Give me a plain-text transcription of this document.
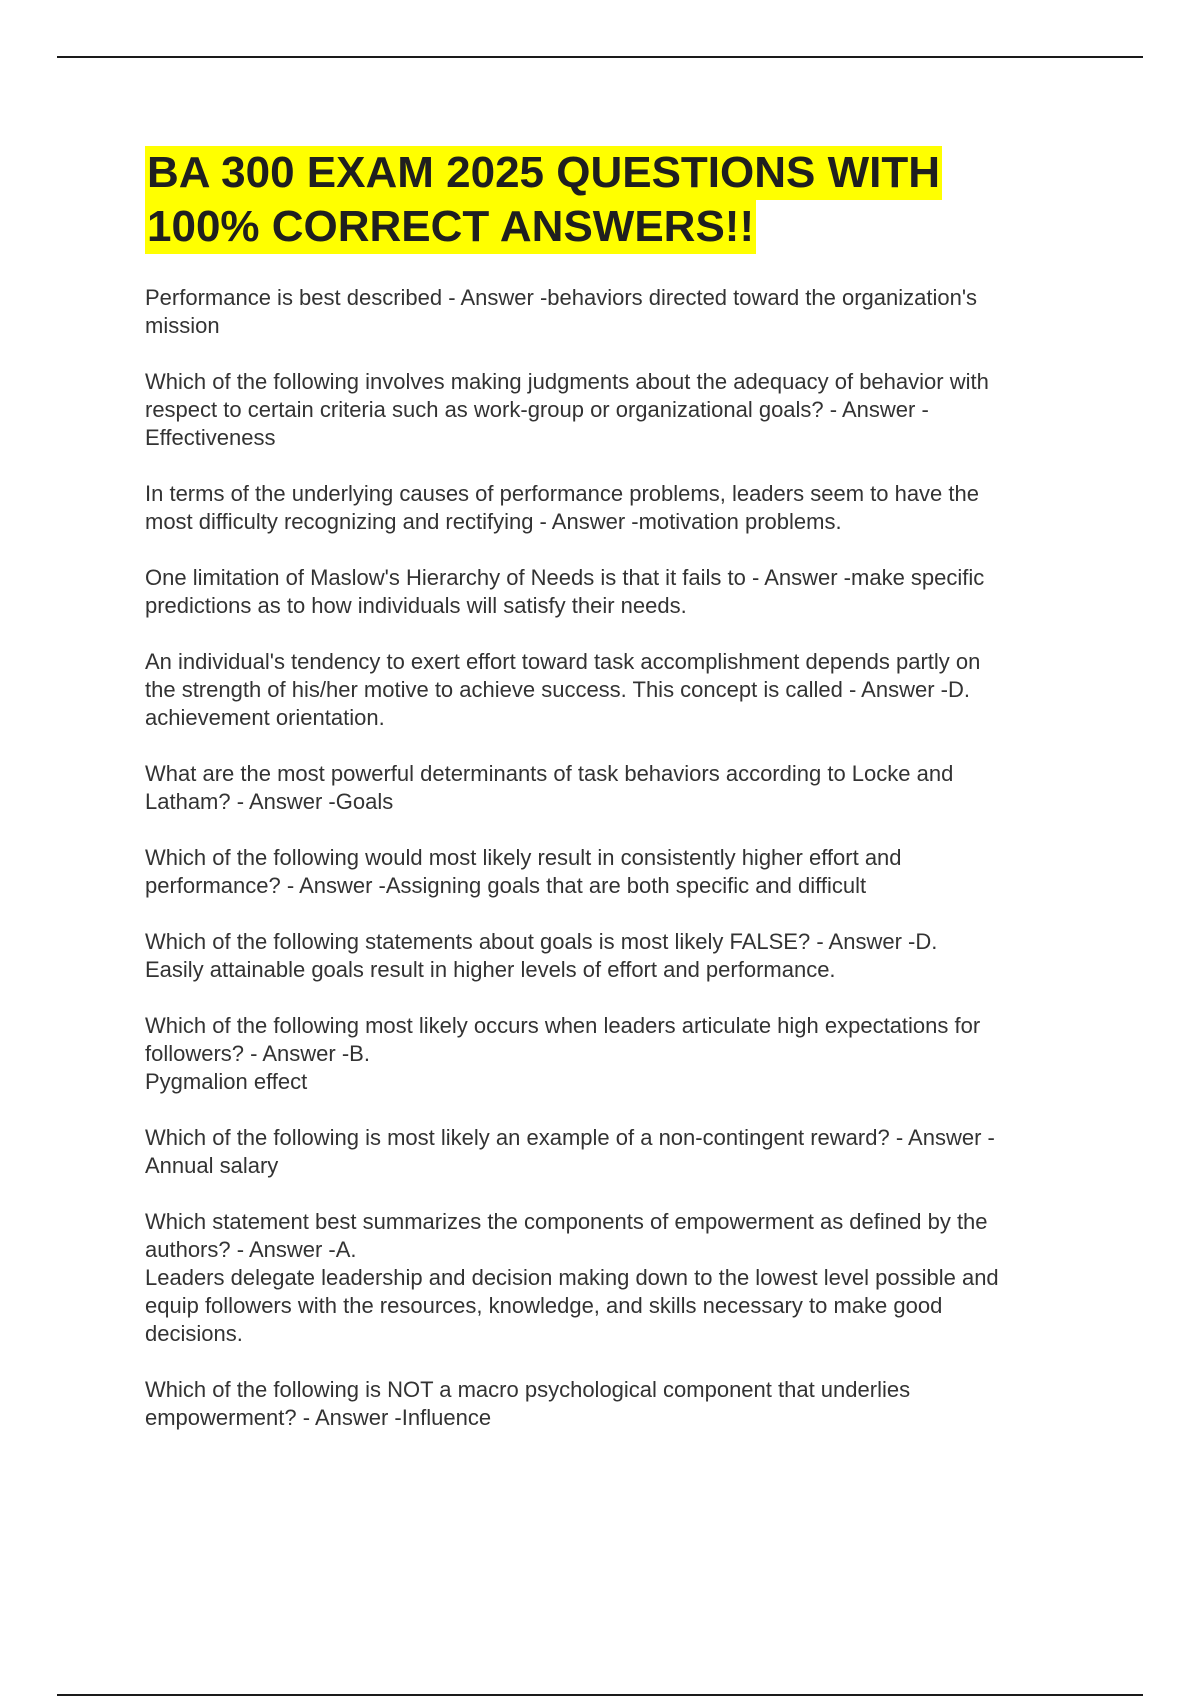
BA 300 EXAM 2025 QUESTIONS WITH
100% CORRECT ANSWERS!!
Performance is best described - Answer -behaviors directed toward the organization's
mission
Which of the following involves making judgments about the adequacy of behavior with
respect to certain criteria such as work-group or organizational goals? - Answer -
Effectiveness
In terms of the underlying causes of performance problems, leaders seem to have the
most difficulty recognizing and rectifying - Answer -motivation problems.
One limitation of Maslow's Hierarchy of Needs is that it fails to - Answer -make specific
predictions as to how individuals will satisfy their needs.
An individual's tendency to exert effort toward task accomplishment depends partly on
the strength of his/her motive to achieve success. This concept is called - Answer -D.
achievement orientation.
What are the most powerful determinants of task behaviors according to Locke and
Latham? - Answer -Goals
Which of the following would most likely result in consistently higher effort and
performance? - Answer -Assigning goals that are both specific and difficult
Which of the following statements about goals is most likely FALSE? - Answer -D.
Easily attainable goals result in higher levels of effort and performance.
Which of the following most likely occurs when leaders articulate high expectations for
followers? - Answer -B.
Pygmalion effect
Which of the following is most likely an example of a non-contingent reward? - Answer -
Annual salary
Which statement best summarizes the components of empowerment as defined by the
authors? - Answer -A.
Leaders delegate leadership and decision making down to the lowest level possible and
equip followers with the resources, knowledge, and skills necessary to make good
decisions.
Which of the following is NOT a macro psychological component that underlies
empowerment? - Answer -Influence
